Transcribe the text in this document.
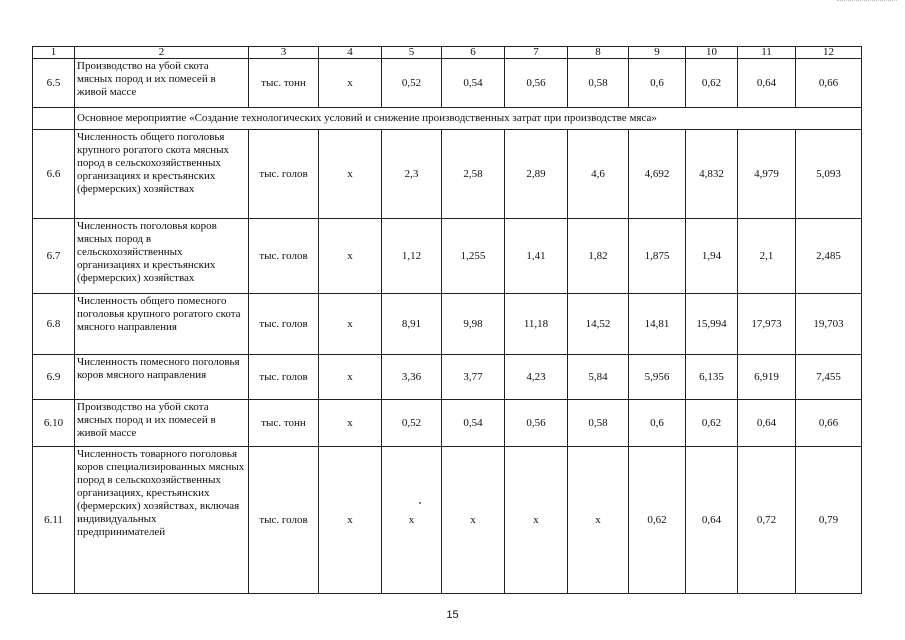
1	2	3	4	5	6	7	8	9	10	11	12
6.5	Производство на убой скота мясных пород и их помесей в живой массе	тыс. тонн	x	0,52	0,54	0,56	0,58	0,6	0,62	0,64	0,66
	Основное мероприятие «Создание технологических условий и снижение производственных затрат при производстве мяса»										
6.6	Численность общего поголовья крупного рогатого скота мясных пород в сельскохозяйственных организациях и крестьянских (фермерских) хозяйствах	тыс. голов	x	2,3	2,58	2,89	4,6	4,692	4,832	4,979	5,093
6.7	Численность поголовья коров мясных пород в сельскохозяйственных организациях и крестьянских (фермерских) хозяйствах	тыс. голов	x	1,12	1,255	1,41	1,82	1,875	1,94	2,1	2,485
6.8	Численность общего помесного поголовья крупного рогатого скота мясного направления	тыс. голов	x	8,91	9,98	11,18	14,52	14,81	15,994	17,973	19,703
6.9	Численность помесного поголовья коров мясного направления	тыс. голов	x	3,36	3,77	4,23	5,84	5,956	6,135	6,919	7,455
6.10	Производство на убой скота мясных пород и их помесей в живой массе	тыс. тонн	x	0,52	0,54	0,56	0,58	0,6	0,62	0,64	0,66
6.11	Численность товарного поголовья коров специализированных мясных пород в сельскохозяйственных организациях, крестьянских (фермерских) хозяйствах, включая индивидуальных предпринимателей	тыс. голов	x	x	x	x	x	0,62	0,64	0,72	0,79
15
